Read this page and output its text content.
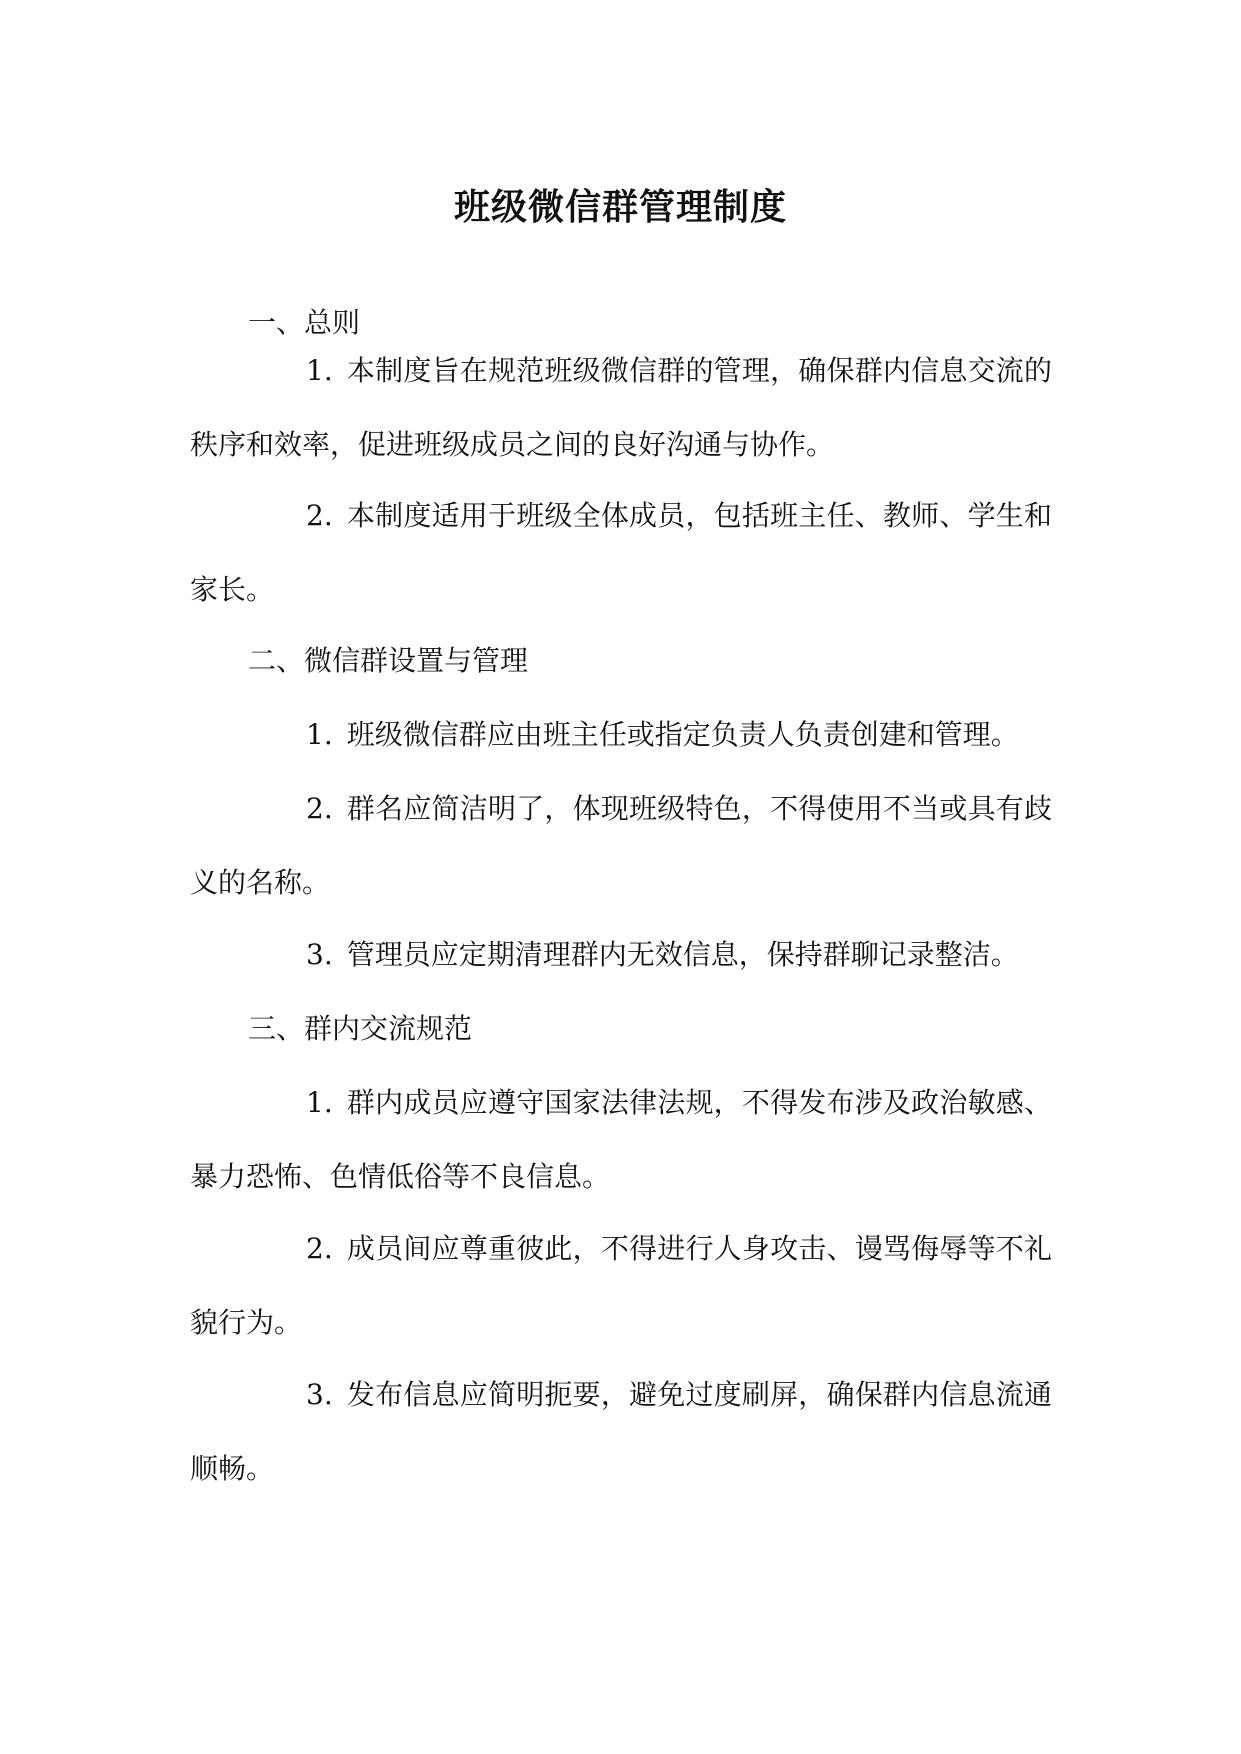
班级微信群管理制度

一、总则

1. 本制度旨在规范班级微信群的管理，确保群内信息交流的秩序和效率，促进班级成员之间的良好沟通与协作。

2. 本制度适用于班级全体成员，包括班主任、教师、学生和家长。

二、微信群设置与管理

1. 班级微信群应由班主任或指定负责人负责创建和管理。

2. 群名应简洁明了，体现班级特色，不得使用不当或具有歧义的名称。

3. 管理员应定期清理群内无效信息，保持群聊记录整洁。

三、群内交流规范

1. 群内成员应遵守国家法律法规，不得发布涉及政治敏感、暴力恐怖、色情低俗等不良信息。

2. 成员间应尊重彼此，不得进行人身攻击、谩骂侮辱等不礼貌行为。

3. 发布信息应简明扼要，避免过度刷屏，确保群内信息流通顺畅。
